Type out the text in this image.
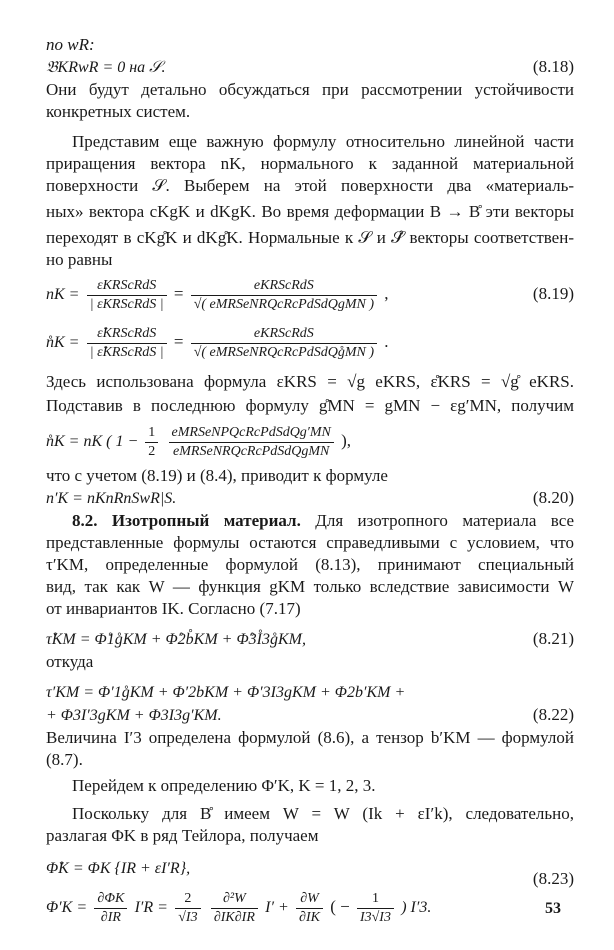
по wR:
𝔅KRwR = 0 на 𝒮.	(8.18)
Они будут детально обсуждаться при рассмотрении устойчивости
конкретных систем.
Представим еще важную формулу относительно линейной части
приращения вектора nK, нормального к заданной материальной
поверхности 𝒮. Выберем на этой поверхности два «материаль-
ных» вектора cKgK и dKgK. Во время деформации B → B̊ эти векторы
переходят в cKg̊K и dKg̊K. Нормальные к 𝒮 и 𝒮̊ векторы соответствен-
но равны
nK = $\frac{\text{εKRScRdS}}{\text{| εKRScRdS |}} = \frac{\text{eKRScRdS}}{\text{√( eMRSeNRQcRcPdSdQgMN )}}$ ,	(8.19)
n̊K = $\frac{\text{ε̊KRScRdS}}{\text{| ε̊KRScRdS |}} = \frac{\text{eKRScRdS}}{\text{√( eMRSeNRQcRcPdSdQg̊MN )}}$ .
Здесь использована формула εKRS = √g eKRS, ε̊KRS = √g̊ eKRS.
Подставив в последнюю формулу g̊MN = gMN − εg′MN, получим
n̊K = nK ( $1 - \frac{1}{2}$
$\frac{\text{eMRSeNPQcRcPdSdQg′MN}}{\text{eMRSeNRQcRcPdSdQgMN}}$ ),
что с учетом (8.19) и (8.4), приводит к формуле
n′K = nKnRnSwR|S.	(8.20)
8.2. Изотропный материал. Для изотропного материала все
представленные формулы остаются справедливыми с условием, что
τ′KM, определенные формулой (8.13), принимают специальный
вид, так как W — функция gKM только вследствие зависимости W
от инвариантов IK. Согласно (7.17)
τ̊KM = Φ̊1g̊KM + Φ̊2b̊KM + Φ̊3I̊3g̊KM,	(8.21)
откуда
τ′KM = Φ′1g̊KM + Φ′2bKM + Φ′3I3gKM + Φ2b′KM +
+ Φ3I′3gKM + Φ3I3g′KM.	(8.22)
Величина I′3 определена формулой (8.6), а тензор b′KM — формулой
(8.7).
Перейдем к определению Φ′K, K = 1, 2, 3.
Поскольку для B̊ имеем W = W (Ik + εI′k), следовательно,
разлагая ΦK в ряд Тейлора, получаем
Φ̊K = ΦK {IR + εI′R},
$\Phi'K = \frac{\partial\Phi K}{\partial IR} I'R = \frac{2}{√I3}$
$\frac{\text{∂²W}}{\partial IK\partial IR} I' + \frac{\partial W}{\partial IK}$ ( − $\frac{1}{I3√I3}$ ) I′3.
(8.23)
53
